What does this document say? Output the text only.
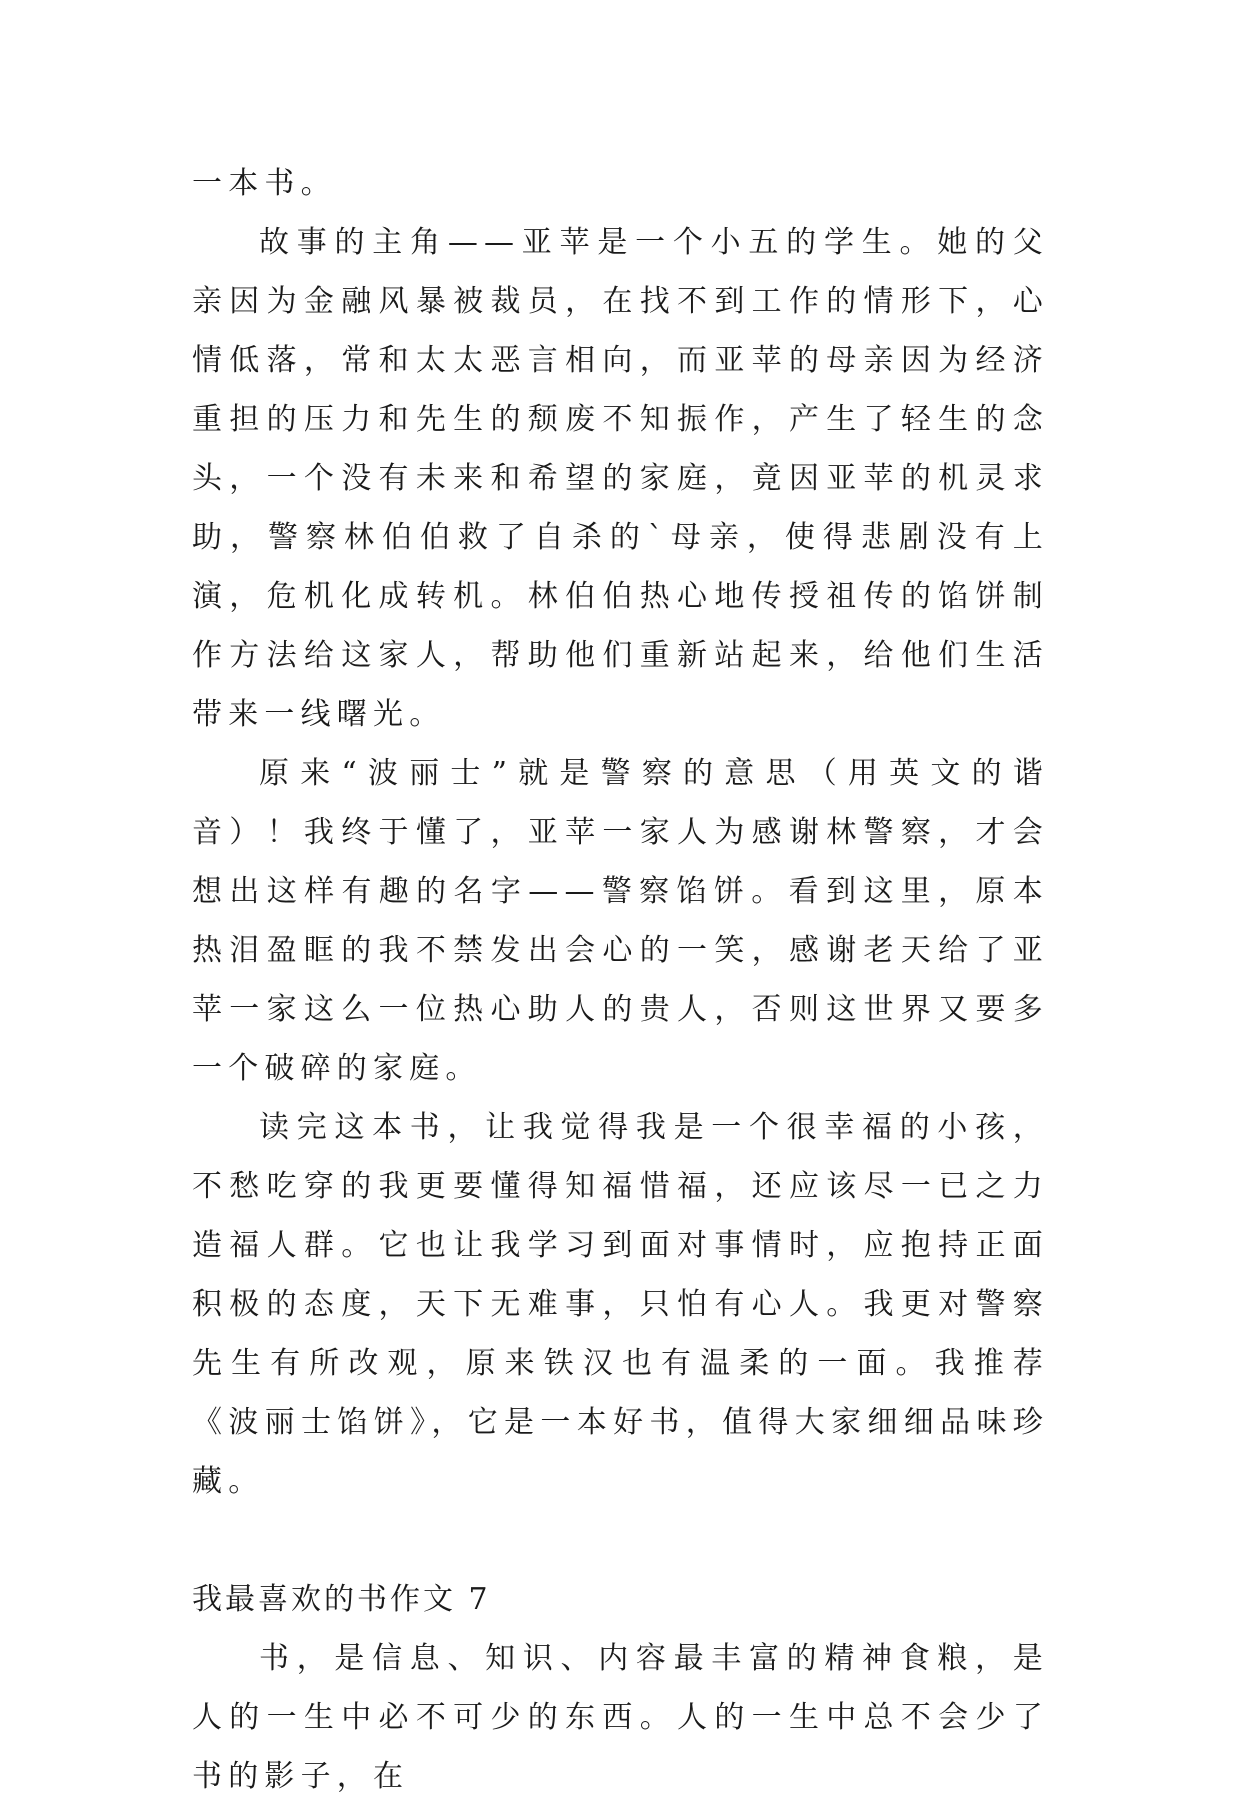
一本书。

故事的主角——亚苹是一个小五的学生。她的父亲因为金融风暴被裁员，在找不到工作的情形下，心情低落，常和太太恶言相向，而亚苹的母亲因为经济重担的压力和先生的颓废不知振作，产生了轻生的念头，一个没有未来和希望的家庭，竟因亚苹的机灵求助，警察林伯伯救了自杀的`母亲，使得悲剧没有上演，危机化成转机。林伯伯热心地传授祖传的馅饼制作方法给这家人，帮助他们重新站起来，给他们生活带来一线曙光。

原来“波丽士”就是警察的意思（用英文的谐音）！我终于懂了，亚苹一家人为感谢林警察，才会想出这样有趣的名字——警察馅饼。看到这里，原本热泪盈眶的我不禁发出会心的一笑，感谢老天给了亚苹一家这么一位热心助人的贵人，否则这世界又要多一个破碎的家庭。

读完这本书，让我觉得我是一个很幸福的小孩，不愁吃穿的我更要懂得知福惜福，还应该尽一已之力造福人群。它也让我学习到面对事情时，应抱持正面积极的态度，天下无难事，只怕有心人。我更对警察先生有所改观，原来铁汉也有温柔的一面。我推荐《波丽士馅饼》，它是一本好书，值得大家细细品味珍藏。

我最喜欢的书作文 7

书，是信息、知识、内容最丰富的精神食粮，是人的一生中必不可少的东西。人的一生中总不会少了书的影子，在
